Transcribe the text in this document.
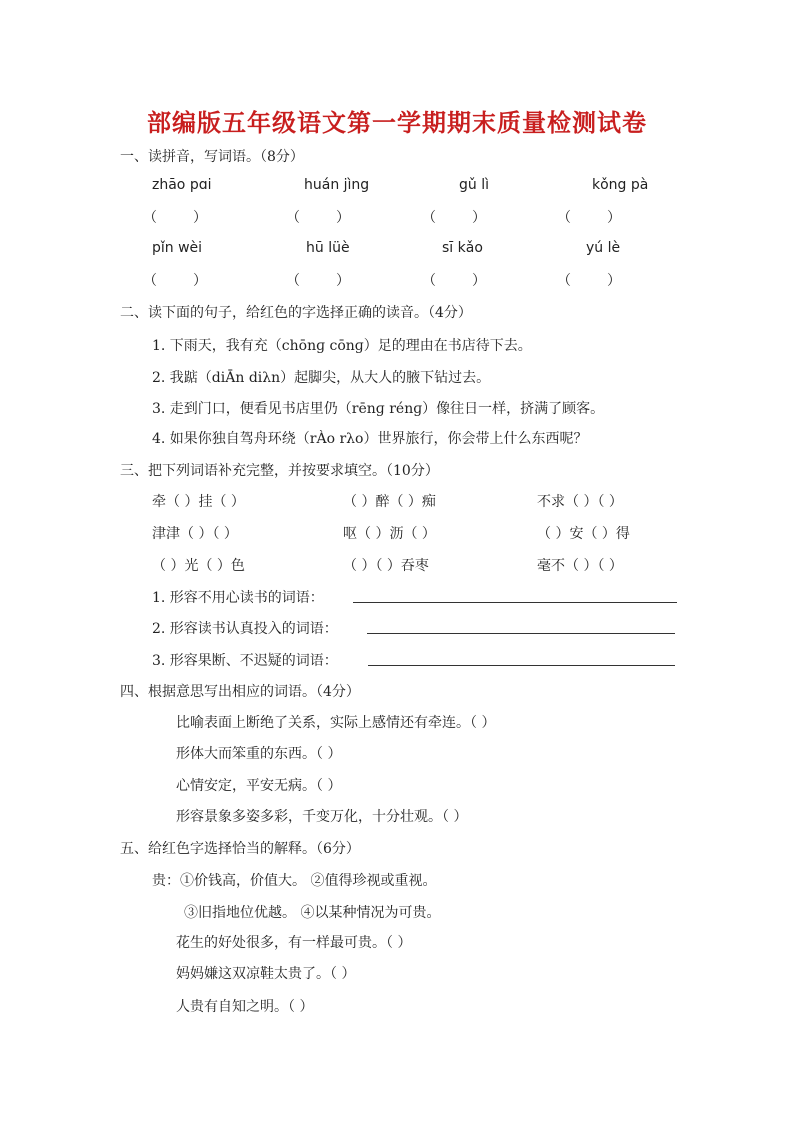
部编版五年级语文第一学期期末质量检测试卷
一、读拼音，写词语。（8分）
zhāo pɑi	huán jìng	gǔ lì	kǒng pà
（	）	（	）	（	）	（	）
pǐn wèi	hū lüè	sī kǎo	yú lè
（	）	（	）	（	）	（	）
二、读下面的句子，给红色的字选择正确的读音。（4分）
1. 下雨天，我有充（chōnɡ cōnɡ）足的理由在书店待下去。
2. 我踮（diĀn diλn）起脚尖，从大人的腋下钻过去。
3. 走到门口，便看见书店里仍（rēnɡ rénɡ）像往日一样，挤满了顾客。
4. 如果你独自驾舟环绕（rÀo rλo）世界旅行，你会带上什么东西呢？
三、把下列词语补充完整，并按要求填空。（10分）
牵（ ）挂（ ）	（ ）醉（ ）痴	不求（ ）（ ）
津津（ ）（ ）	呕（ ）沥（ ）	（ ）安（ ）得
（ ）光（ ）色	（ ）（ ）吞枣	毫不（ ）（ ）
1. 形容不用心读书的词语：
2. 形容读书认真投入的词语：
3. 形容果断、不迟疑的词语：
四、根据意思写出相应的词语。（4分）
比喻表面上断绝了关系，实际上感情还有牵连。（ ）
形体大而笨重的东西。（ ）
心情安定，平安无病。（ ）
形容景象多姿多彩，千变万化，十分壮观。（ ）
五、给红色字选择恰当的解释。（6分）
贵：①价钱高，价值大。 ②值得珍视或重视。
③旧指地位优越。 ④以某种情况为可贵。
花生的好处很多，有一样最可贵。（ ）
妈妈嫌这双凉鞋太贵了。（ ）
人贵有自知之明。（ ）
